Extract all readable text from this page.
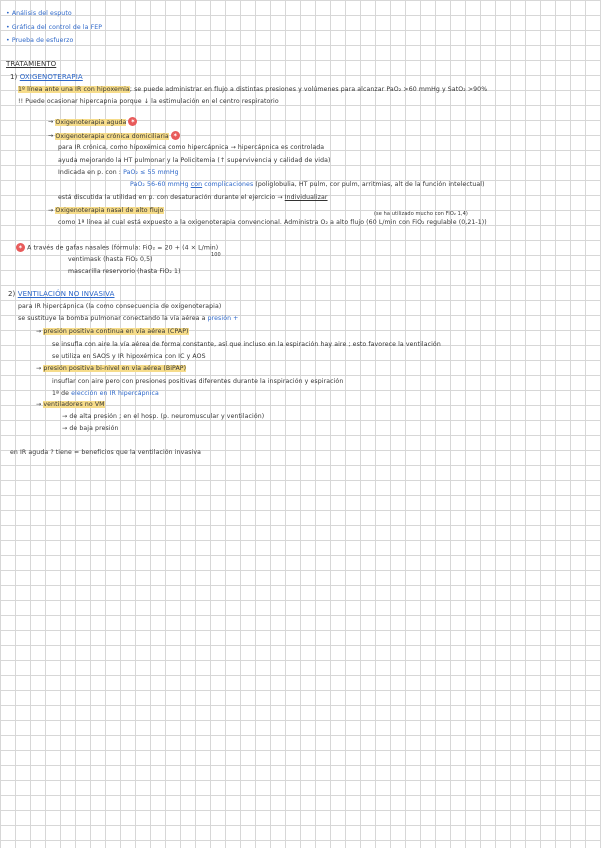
• Análisis del esputo
• Gráfica del control de la FEP
• Prueba de esfuerzo
TRATAMIENTO
1) OXIGENOTERAPIA
1º línea ante una IR con hipoxemia; se puede administrar en flujo a distintas presiones y volúmenes para alcanzar PaO₂ >60 mmHg y SatO₂ >90%
!! Puede ocasionar hipercapnia porque ↓ la estimulación en el centro respiratorio
→ Oxigenoterapia aguda ✶
→ Oxigenoterapia crónica domiciliaria ✶
para IR crónica, como hipoxémica como hipercápnica → hipercápnica es controlada
ayuda mejorando la HT pulmonar y la Policitemia (↑ supervivencia y calidad de vida)
Indicada en p. con : PaO₂ ≤ 55 mmHg
PaO₂ 56-60 mmHg con complicaciones (poliglobulia, HT pulm, cor pulm, arritmias, alt de la función intelectual)
está discutida la utilidad en p. con desaturación durante el ejercicio → Individualizar
→ Oxigenoterapia nasal de alto flujo	(se ha utilizado mucho con FiO₂ 1,4)
como 1ª línea al cual está expuesto a la oxigenoterapia convencional. Administra O₂ a alto flujo (60 L/min con FiO₂ regulable (0,21-1))
✶ A través de gafas nasales (fórmula: FiO₂ = 20 + (4 × L/min)
100
ventimask (hasta FiO₂ 0,5)
mascarilla reservorio (hasta FiO₂ 1)
2) VENTILACIÓN NO INVASIVA
para IR hipercápnica (la como consecuencia de oxigenoterapia)
se sustituye la bomba pulmonar conectando la vía aérea a presión +
→ presión positiva continua en vía aérea (CPAP)
se insufla con aire la vía aérea de forma constante, así que incluso en la espiración hay aire ; esto favorece la ventilación
se utiliza en SAOS y IR hipoxémica con IC y AOS
→ presión positiva bi-nivel en vía aérea (BiPAP)
insuflar con aire pero con presiones positivas diferentes durante la inspiración y espiración
1ª de elección en IR hipercápnica
→ ventiladores no VM
→ de alta presión ; en el hosp. (p. neuromuscular y ventilación)
→ de baja presión
en IR aguda ? tiene = beneficios que la ventilación invasiva
